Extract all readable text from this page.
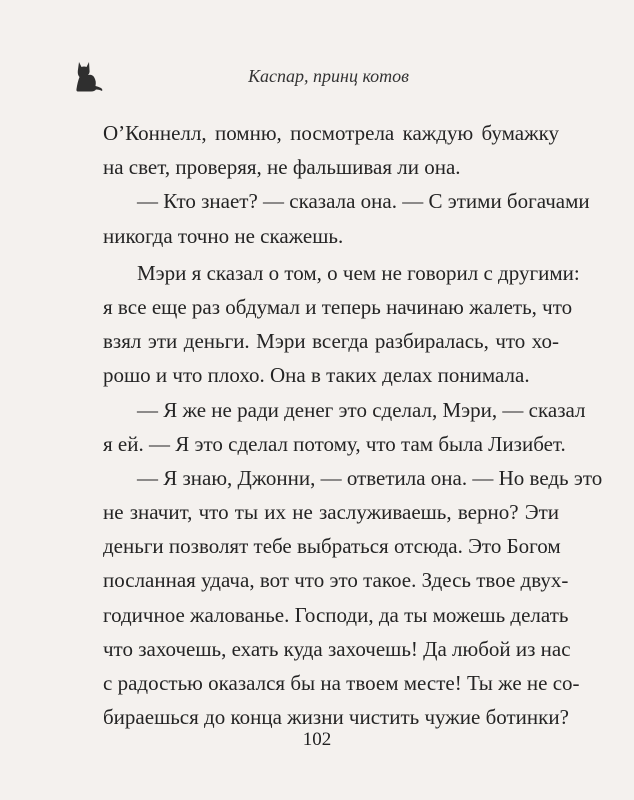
Каспар, принц котов
О’Коннелл, помню, посмотрела каждую бумажку
на свет, проверяя, не фальшивая ли она.
— Кто знает? — сказала она. — С этими богачами
никогда точно не скажешь.
Мэри я сказал о том, о чем не говорил с другими:
я все еще раз обдумал и теперь начинаю жалеть, что
взял эти деньги. Мэри всегда разбиралась, что хо-
рошо и что плохо. Она в таких делах понимала.
— Я же не ради денег это сделал, Мэри, — сказал
я ей. — Я это сделал потому, что там была Лизибет.
— Я знаю, Джонни, — ответила она. — Но ведь это
не значит, что ты их не заслуживаешь, верно? Эти
деньги позволят тебе выбраться отсюда. Это Богом
посланная удача, вот что это такое. Здесь твое двух-
годичное жалованье. Господи, да ты можешь делать
что захочешь, ехать куда захочешь! Да любой из нас
с радостью оказался бы на твоем месте! Ты же не со-
бираешься до конца жизни чистить чужие ботинки?
102
